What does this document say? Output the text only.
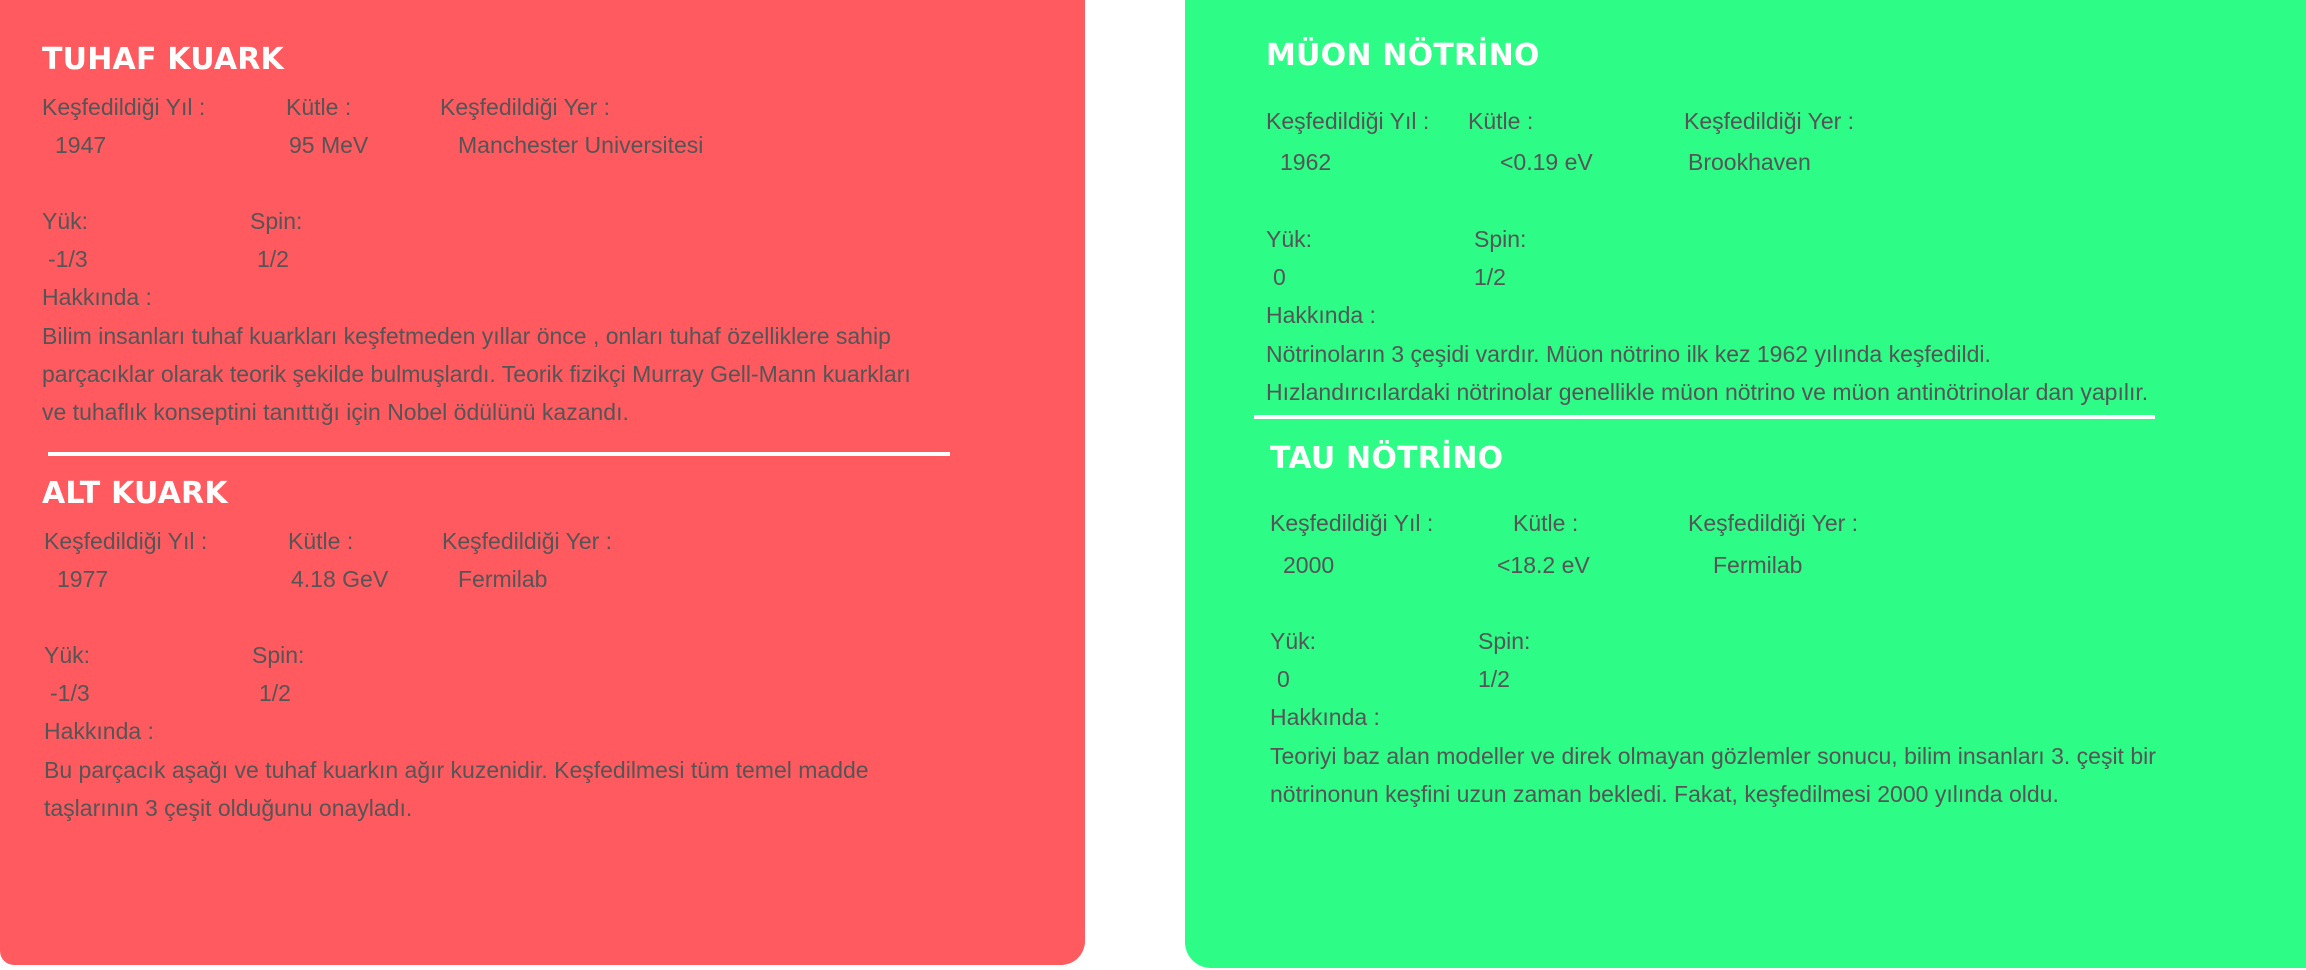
TUHAF KUARK
Keşfedildiği Yıl :	Kütle :	Keşfedildiği Yer :
1947	95 MeV	Manchester Universitesi
Yük:	Spin:
-1/3	1/2
Hakkında :
Bilim insanları tuhaf kuarkları keşfetmeden yıllar önce , onları tuhaf özelliklere sahip
parçacıklar olarak teorik şekilde bulmuşlardı. Teorik fizikçi Murray Gell-Mann kuarkları
ve tuhaflık konseptini tanıttığı için Nobel ödülünü kazandı.
ALT KUARK
Keşfedildiği Yıl :	Kütle :	Keşfedildiği Yer :
1977	4.18 GeV	Fermilab
Yük:	Spin:
-1/3	1/2
Hakkında :
Bu parçacık aşağı ve tuhaf kuarkın ağır kuzenidir. Keşfedilmesi tüm temel madde
taşlarının 3 çeşit olduğunu onayladı.
MÜON NÖTRİNO
Keşfedildiği Yıl : Kütle :	Keşfedildiği Yer :
1962	<0.19 eV	Brookhaven
Yük:	Spin:
0	1/2
Hakkında :
Nötrinoların 3 çeşidi vardır. Müon nötrino ilk kez 1962 yılında keşfedildi.
Hızlandırıcılardaki nötrinolar genellikle müon nötrino ve müon antinötrinolar dan yapılır.
TAU NÖTRİNO
Keşfedildiği Yıl :	Kütle :	Keşfedildiği Yer :
2000	<18.2 eV	Fermilab
Yük:	Spin:
0	1/2
Hakkında :
Teoriyi baz alan modeller ve direk olmayan gözlemler sonucu, bilim insanları 3. çeşit bir
nötrinonun keşfini uzun zaman bekledi. Fakat, keşfedilmesi 2000 yılında oldu.
